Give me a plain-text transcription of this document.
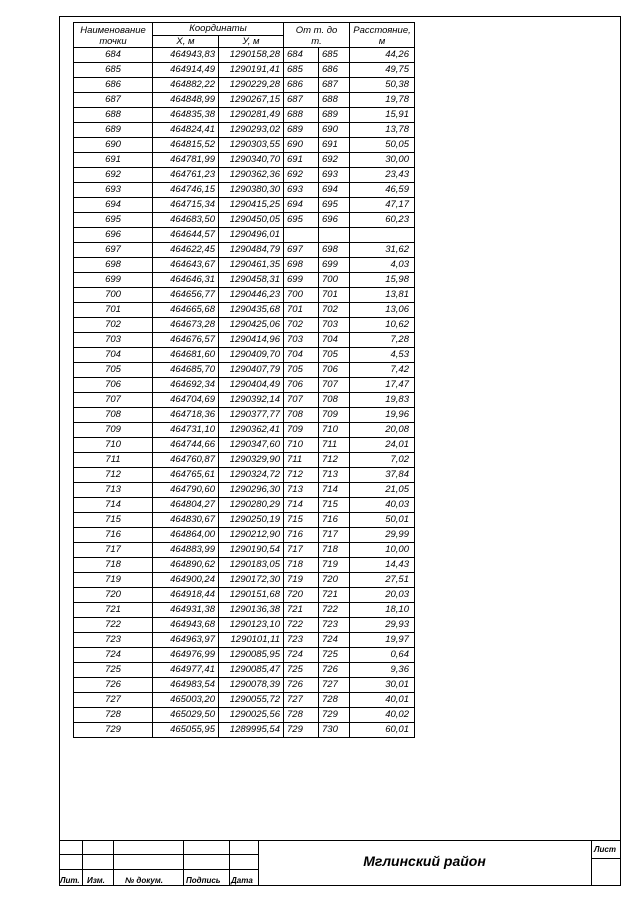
Наименование точки	Координаты		От т. до т.		Расстояние, м
	X, м	У, м			
684	464943,83	1290158,28	684	685	44,26
685	464914,49	1290191,41	685	686	49,75
686	464882,22	1290229,28	686	687	50,38
687	464848,99	1290267,15	687	688	19,78
688	464835,38	1290281,49	688	689	15,91
689	464824,41	1290293,02	689	690	13,78
690	464815,52	1290303,55	690	691	50,05
691	464781,99	1290340,70	691	692	30,00
692	464761,23	1290362,36	692	693	23,43
693	464746,15	1290380,30	693	694	46,59
694	464715,34	1290415,25	694	695	47,17
695	464683,50	1290450,05	695	696	60,23
696	464644,57	1290496,01			
697	464622,45	1290484,79	697	698	31,62
698	464643,67	1290461,35	698	699	4,03
699	464646,31	1290458,31	699	700	15,98
700	464656,77	1290446,23	700	701	13,81
701	464665,68	1290435,68	701	702	13,06
702	464673,28	1290425,06	702	703	10,62
703	464676,57	1290414,96	703	704	7,28
704	464681,60	1290409,70	704	705	4,53
705	464685,70	1290407,79	705	706	7,42
706	464692,34	1290404,49	706	707	17,47
707	464704,69	1290392,14	707	708	19,83
708	464718,36	1290377,77	708	709	19,96
709	464731,10	1290362,41	709	710	20,08
710	464744,66	1290347,60	710	711	24,01
711	464760,87	1290329,90	711	712	7,02
712	464765,61	1290324,72	712	713	37,84
713	464790,60	1290296,30	713	714	21,05
714	464804,27	1290280,29	714	715	40,03
715	464830,67	1290250,19	715	716	50,01
716	464864,00	1290212,90	716	717	29,99
717	464883,99	1290190,54	717	718	10,00
718	464890,62	1290183,05	718	719	14,43
719	464900,24	1290172,30	719	720	27,51
720	464918,44	1290151,68	720	721	20,03
721	464931,38	1290136,38	721	722	18,10
722	464943,68	1290123,10	722	723	29,93
723	464963,97	1290101,11	723	724	19,97
724	464976,99	1290085,95	724	725	0,64
725	464977,41	1290085,47	725	726	9,36
726	464983,54	1290078,39	726	727	30,01
727	465003,20	1290055,72	727	728	40,01
728	465029,50	1290025,56	728	729	40,02
729	465055,95	1289995,54	729	730	60,01
Лит. Изм.	№ докум.	Подпись Дата
Лист
Мглинский район
